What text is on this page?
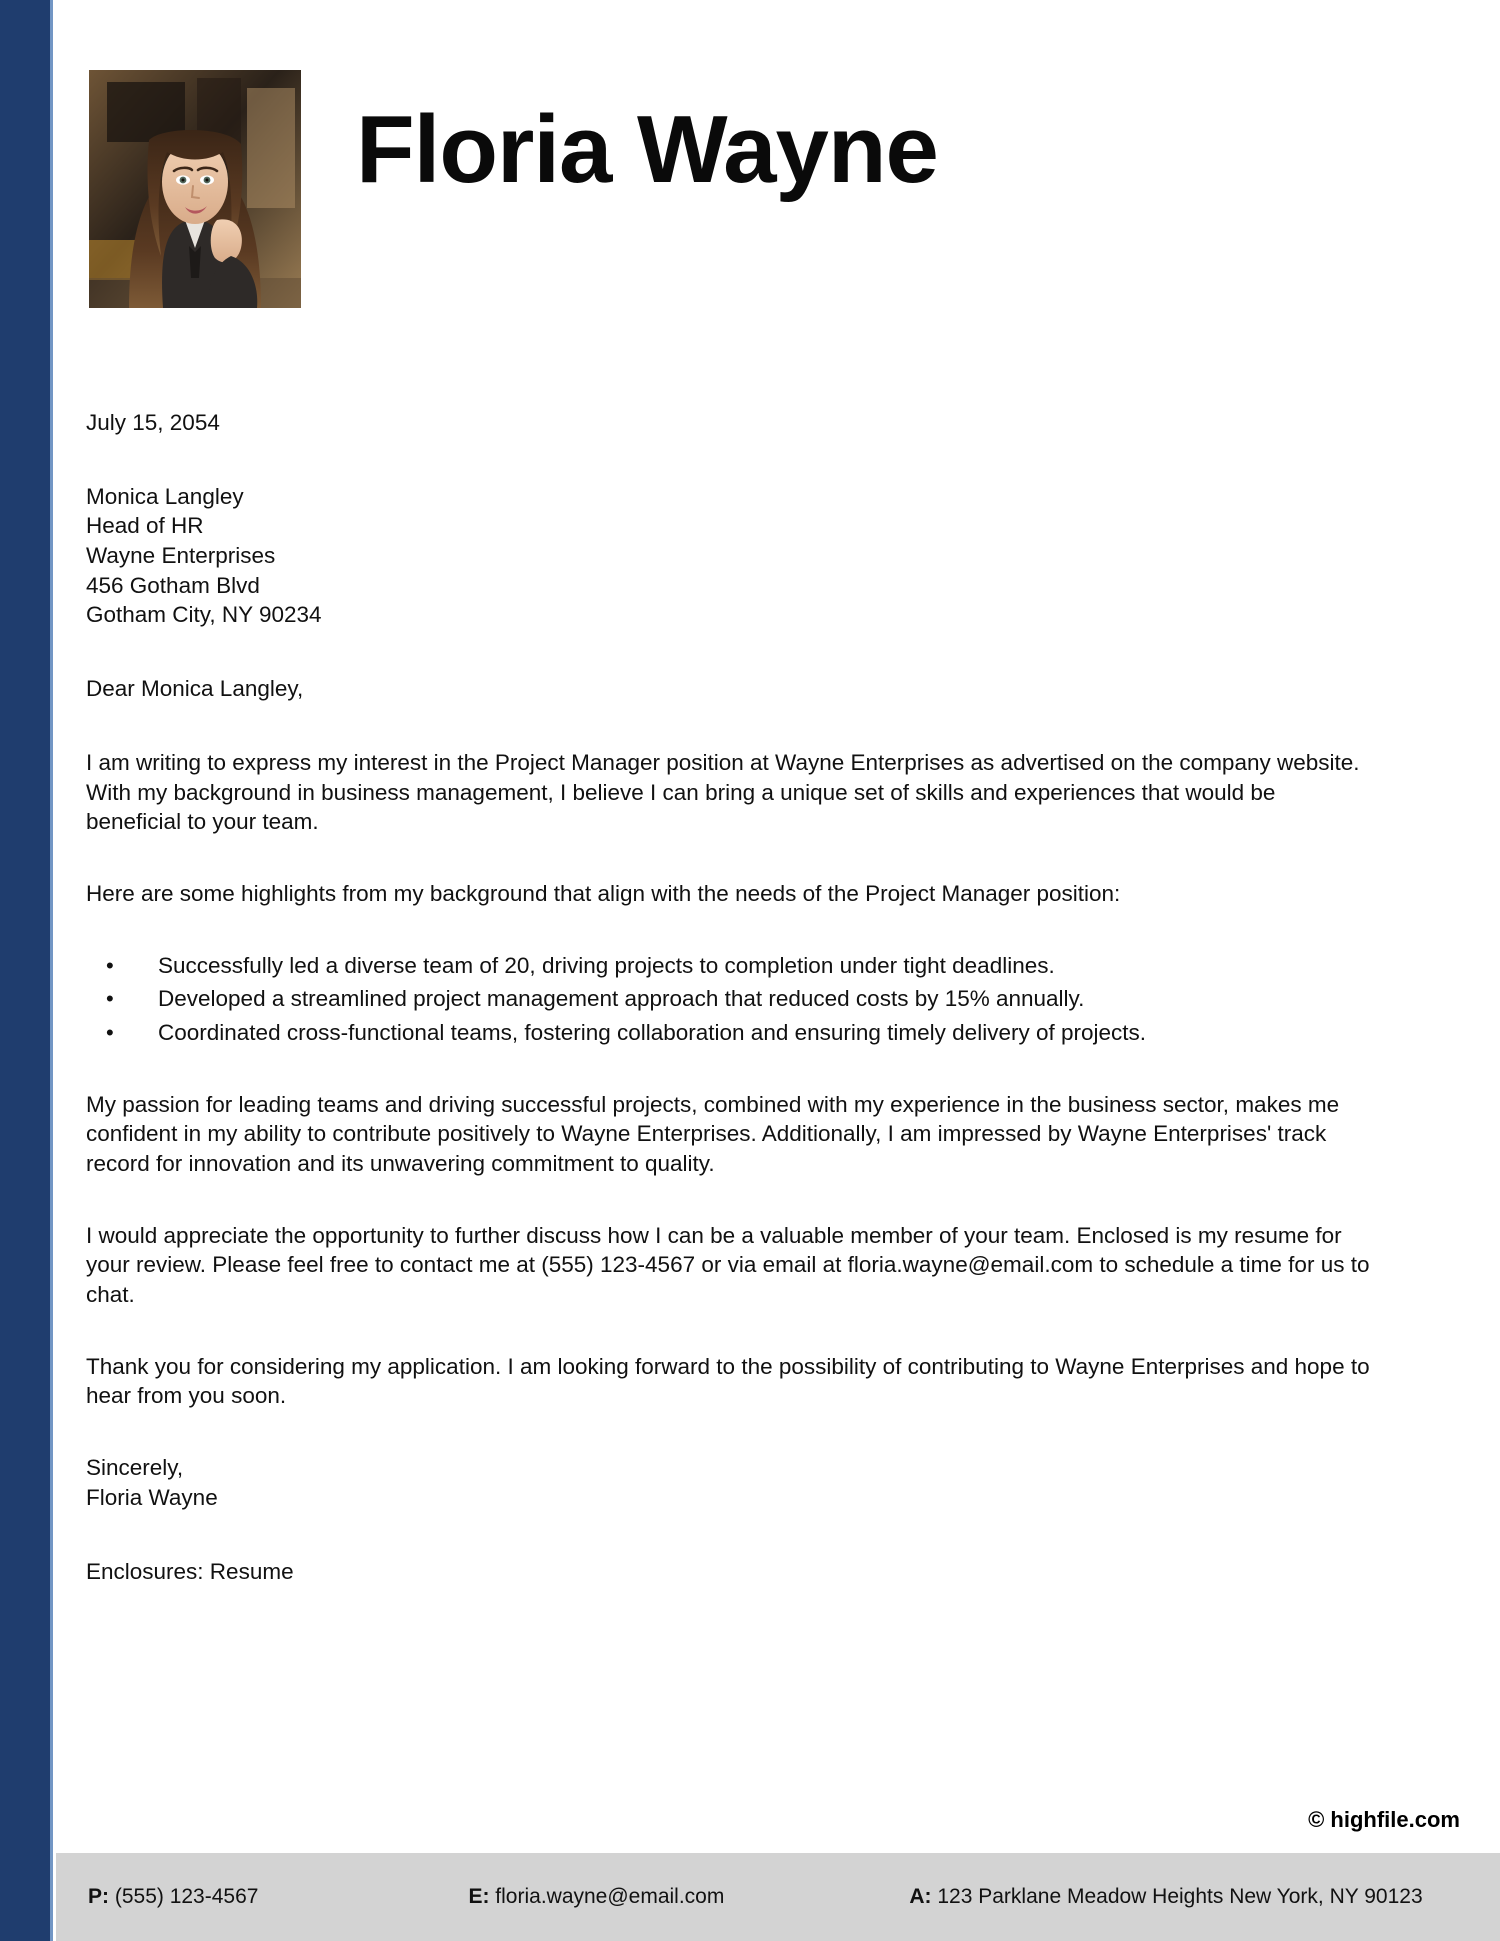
Floria Wayne
July 15, 2054
Monica Langley
Head of HR
Wayne Enterprises
456 Gotham Blvd
Gotham City, NY 90234
Dear Monica Langley,
I am writing to express my interest in the Project Manager position at Wayne Enterprises as advertised on the company website. With my background in business management, I believe I can bring a unique set of skills and experiences that would be beneficial to your team.
Here are some highlights from my background that align with the needs of the Project Manager position:
• Successfully led a diverse team of 20, driving projects to completion under tight deadlines.
• Developed a streamlined project management approach that reduced costs by 15% annually.
• Coordinated cross-functional teams, fostering collaboration and ensuring timely delivery of projects.
My passion for leading teams and driving successful projects, combined with my experience in the business sector, makes me confident in my ability to contribute positively to Wayne Enterprises. Additionally, I am impressed by Wayne Enterprises' track record for innovation and its unwavering commitment to quality.
I would appreciate the opportunity to further discuss how I can be a valuable member of your team. Enclosed is my resume for your review. Please feel free to contact me at (555) 123-4567 or via email at floria.wayne@email.com to schedule a time for us to chat.
Thank you for considering my application. I am looking forward to the possibility of contributing to Wayne Enterprises and hope to hear from you soon.
Sincerely,
Floria Wayne
Enclosures: Resume
© highfile.com
P: (555) 123-4567	E: floria.wayne@email.com	A: 123 Parklane Meadow Heights New York, NY 90123
